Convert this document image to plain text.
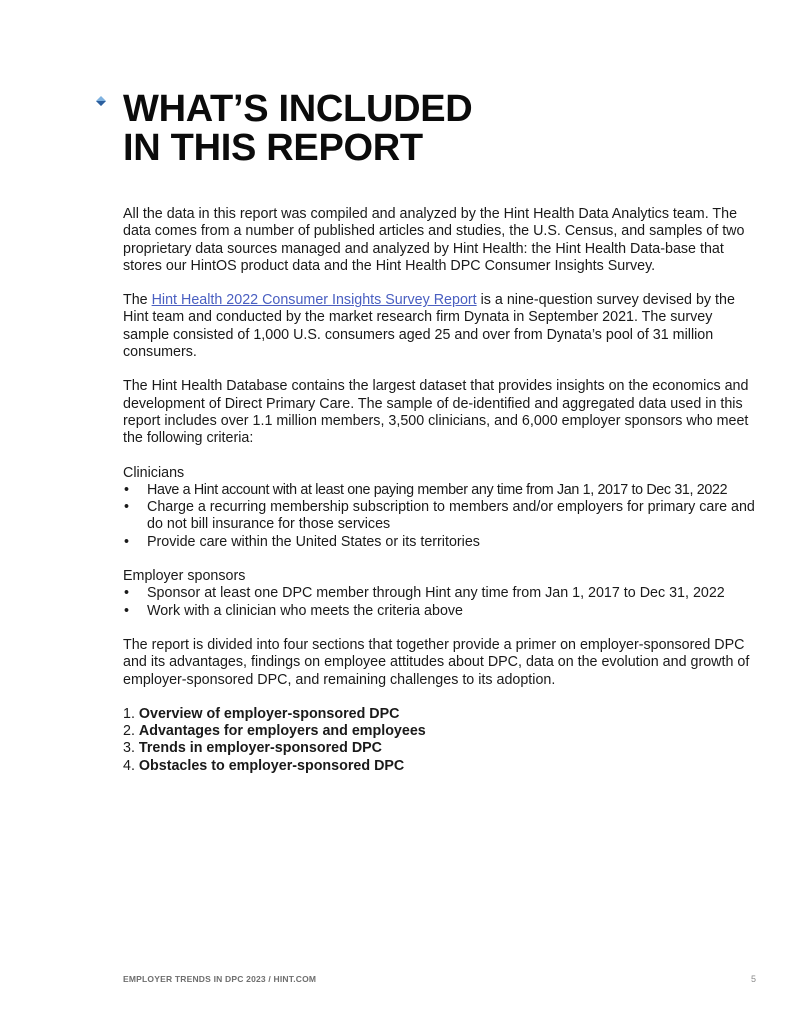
WHAT’S INCLUDED
IN THIS REPORT

All the data in this report was compiled and analyzed by the Hint Health Data Analytics team. The data comes from a number of published articles and studies, the U.S. Census, and samples of two proprietary data sources managed and analyzed by Hint Health: the Hint Health Data-base that stores our HintOS product data and the Hint Health DPC Consumer Insights Survey.

The Hint Health 2022 Consumer Insights Survey Report is a nine-question survey devised by the Hint team and conducted by the market research firm Dynata in September 2021. The survey sample consisted of 1,000 U.S. consumers aged 25 and over from Dynata’s pool of 31 million consumers.

The Hint Health Database contains the largest dataset that provides insights on the economics and development of Direct Primary Care. The sample of de-identified and aggregated data used in this report includes over 1.1 million members, 3,500 clinicians, and 6,000 employer sponsors who meet the following criteria:

Clinicians
• Have a Hint account with at least one paying member any time from Jan 1, 2017 to Dec 31, 2022
• Charge a recurring membership subscription to members and/or employers for primary care and do not bill insurance for those services
• Provide care within the United States or its territories
Employer sponsors
• Sponsor at least one DPC member through Hint any time from Jan 1, 2017 to Dec 31, 2022
• Work with a clinician who meets the criteria above

The report is divided into four sections that together provide a primer on employer-sponsored DPC and its advantages, findings on employee attitudes about DPC, data on the evolution and growth of employer-sponsored DPC, and remaining challenges to its adoption.

1. Overview of employer-sponsored DPC
2. Advantages for employers and employees
3. Trends in employer-sponsored DPC
4. Obstacles to employer-sponsored DPC
EMPLOYER TRENDS IN DPC 2023 / HINT.COM	5
